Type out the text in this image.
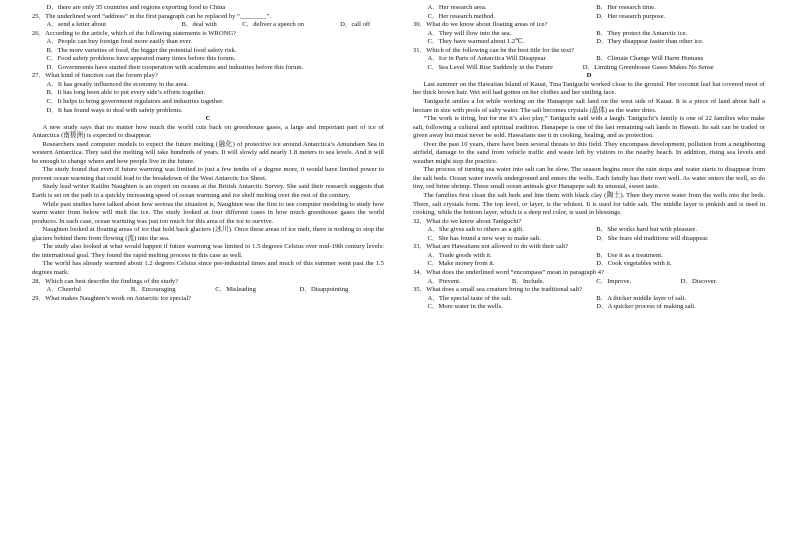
D．there are only 35 countries and regions exporting food to China

25．The underlined word “address” in the first paragraph can be replaced by “________”.

A．send a letter about	B．deal with	C．deliver a speech on	D．call off

26．According to the article, which of the following statements is WRONG?

A．People can buy foreign food more easily than ever.

B．The more varieties of food, the bigger the potential food safety risk.

C．Food safety problems have appeared many times before this forum.

D．Governments have started their cooperation with academies and industries before this forum.

27．What kind of function can the forum play?

A．It has greatly influenced the economy in the area.

B．It has long been able to put every side’s efforts together.

C．It helps to bring government regulators and industries together.

D．It has found ways to deal with safety problems.

C

A new study says that no matter how much the world cuts back on greenhouse gases, a large and important part of ice of Antarctica (南极洲) is expected to disappear.

Researchers used computer models to expect the future melting (融化) of protective ice around Antarctica’s Amundsen Sea in western Antarctica. They said the melting will take hundreds of years. It will slowly add nearly 1.8 meters to sea levels. And it will be enough to change where and how people live in the future.

The study found that even if future warming was limited to just a few tenths of a degree more, it would have limited power to prevent ocean warming that could lead to the breakdown of the West Antarctic Ice Sheet.

Study lead writer Kaitlin Naughten is an expert on oceans at the British Antarctic Survey. She said their research suggests that Earth is set on the path to a quickly increasing speed of ocean warming and ice shelf melting over the rest of the century.

While past studies have talked about how serious the situation is, Naughten was the first to use computer modeling to study how warm water from below will melt the ice. The study looked at four different cases in how much greenhouse gases the world produces. In each case, ocean warming was just too much for this area of the ice to survive.

Naughten looked at floating areas of ice that hold back glaciers (冰川). Once these areas of ice melt, there is nothing to stop the glaciers behind them from flowing (流) into the sea.

The study also looked at what would happen if future warming was limited to 1.5 degrees Celsius over mid-19th century levels: the international goal. They found the rapid melting process in this case as well.

The world has already warmed about 1.2 degrees Celsius since pre-industrial times and much of this summer went past the 1.5 degrees mark.

28．Which can best describe the findings of the study?

A．Cheerful	B．Encouraging	C．Misleading	D．Disappointing

29．What makes Naughten’s work on Antarctic ice special?

A．Her research area.	B．Her research time.
C．Her research method.	D．Her research purpose.

30．What do we know about floating areas of ice?

A．They will flow into the sea.	B．They protect the Antarctic ice.
C．They have warmed about 1.2℃.	D．They disappear faster than other ice.

31．Which of the following can be the best title for the text?

A．Ice in Parts of Antarctica Will Disappear	B．Climate Change Will Harm Humans
C．Sea Level Will Rise Suddenly in the Future	D．Limiting Greenhouse Gases Makes No Sense

D

Last summer on the Hawaiian Island of Kauai, Tina Taniguchi worked close to the ground. Her coconut leaf hat covered most of her thick brown hair. Wet soil had gotten on her clothes and her smiling face.

Taniguchi smiles a lot while working on the Hanapepe salt land on the west side of Kauai. It is a piece of land about half a hectare in size with pools of salty water. The salt becomes crystals (晶体) as the water dries.

“The work is tiring, but for me it’s also play,” Taniguchi said with a laugh. Taniguchi’s family is one of 22 families who make salt, following a cultural and spiritual tradition. Hanapepe is one of the last remaining salt lands in Hawaii. Its salt can be traded or given away but must never be sold. Hawaiians use it in cooking, healing, and as protection.

Over the past 10 years, there have been several threats to this field. They encompass development, pollution from a neighboring airfield, damage to the sand from vehicle traffic and waste left by visitors to the nearby beach. In addition, rising sea levels and weather might stop the practice.

The process of turning sea water into salt can be slow. The season begins once the rain stops and water starts to disappear from the salt beds. Ocean water travels underground and enters the wells. Each family has their own well. As water enters the well, so do tiny, red brine shrimp. These small ocean animals give Hanapepe salt its unusual, sweet taste.

The families first clean the salt beds and line them with black clay (陶土). Then they move water from the wells into the beds. There, salt crystals form. The top level, or layer, is the whitest. It is used for table salt. The middle layer is pinkish and is used in cooking, while the bottom layer, which is a deep red color, is used in blessings.

32．What do we know about Taniguchi?

A．She gives salt to others as a gift.	B．She works hard but with pleasure.
C．She has found a new way to make salt.	D．She fears old traditions will disappear.

33．What are Hawaiians not allowed to do with their salt?

A．Trade goods with it.	B．Use it as a treatment.
C．Make money from it.	D．Cook vegetables with it.

34．What does the underlined word “encompass” mean in paragraph 4?

A．Prevent.	B．Include.	C．Improve.	D．Discover.

35．What does a small sea creature bring to the traditional salt?

A．The special taste of the salt.	B．A thicker middle layer of salt.
C．More water in the wells.	D．A quicker process of making salt.
